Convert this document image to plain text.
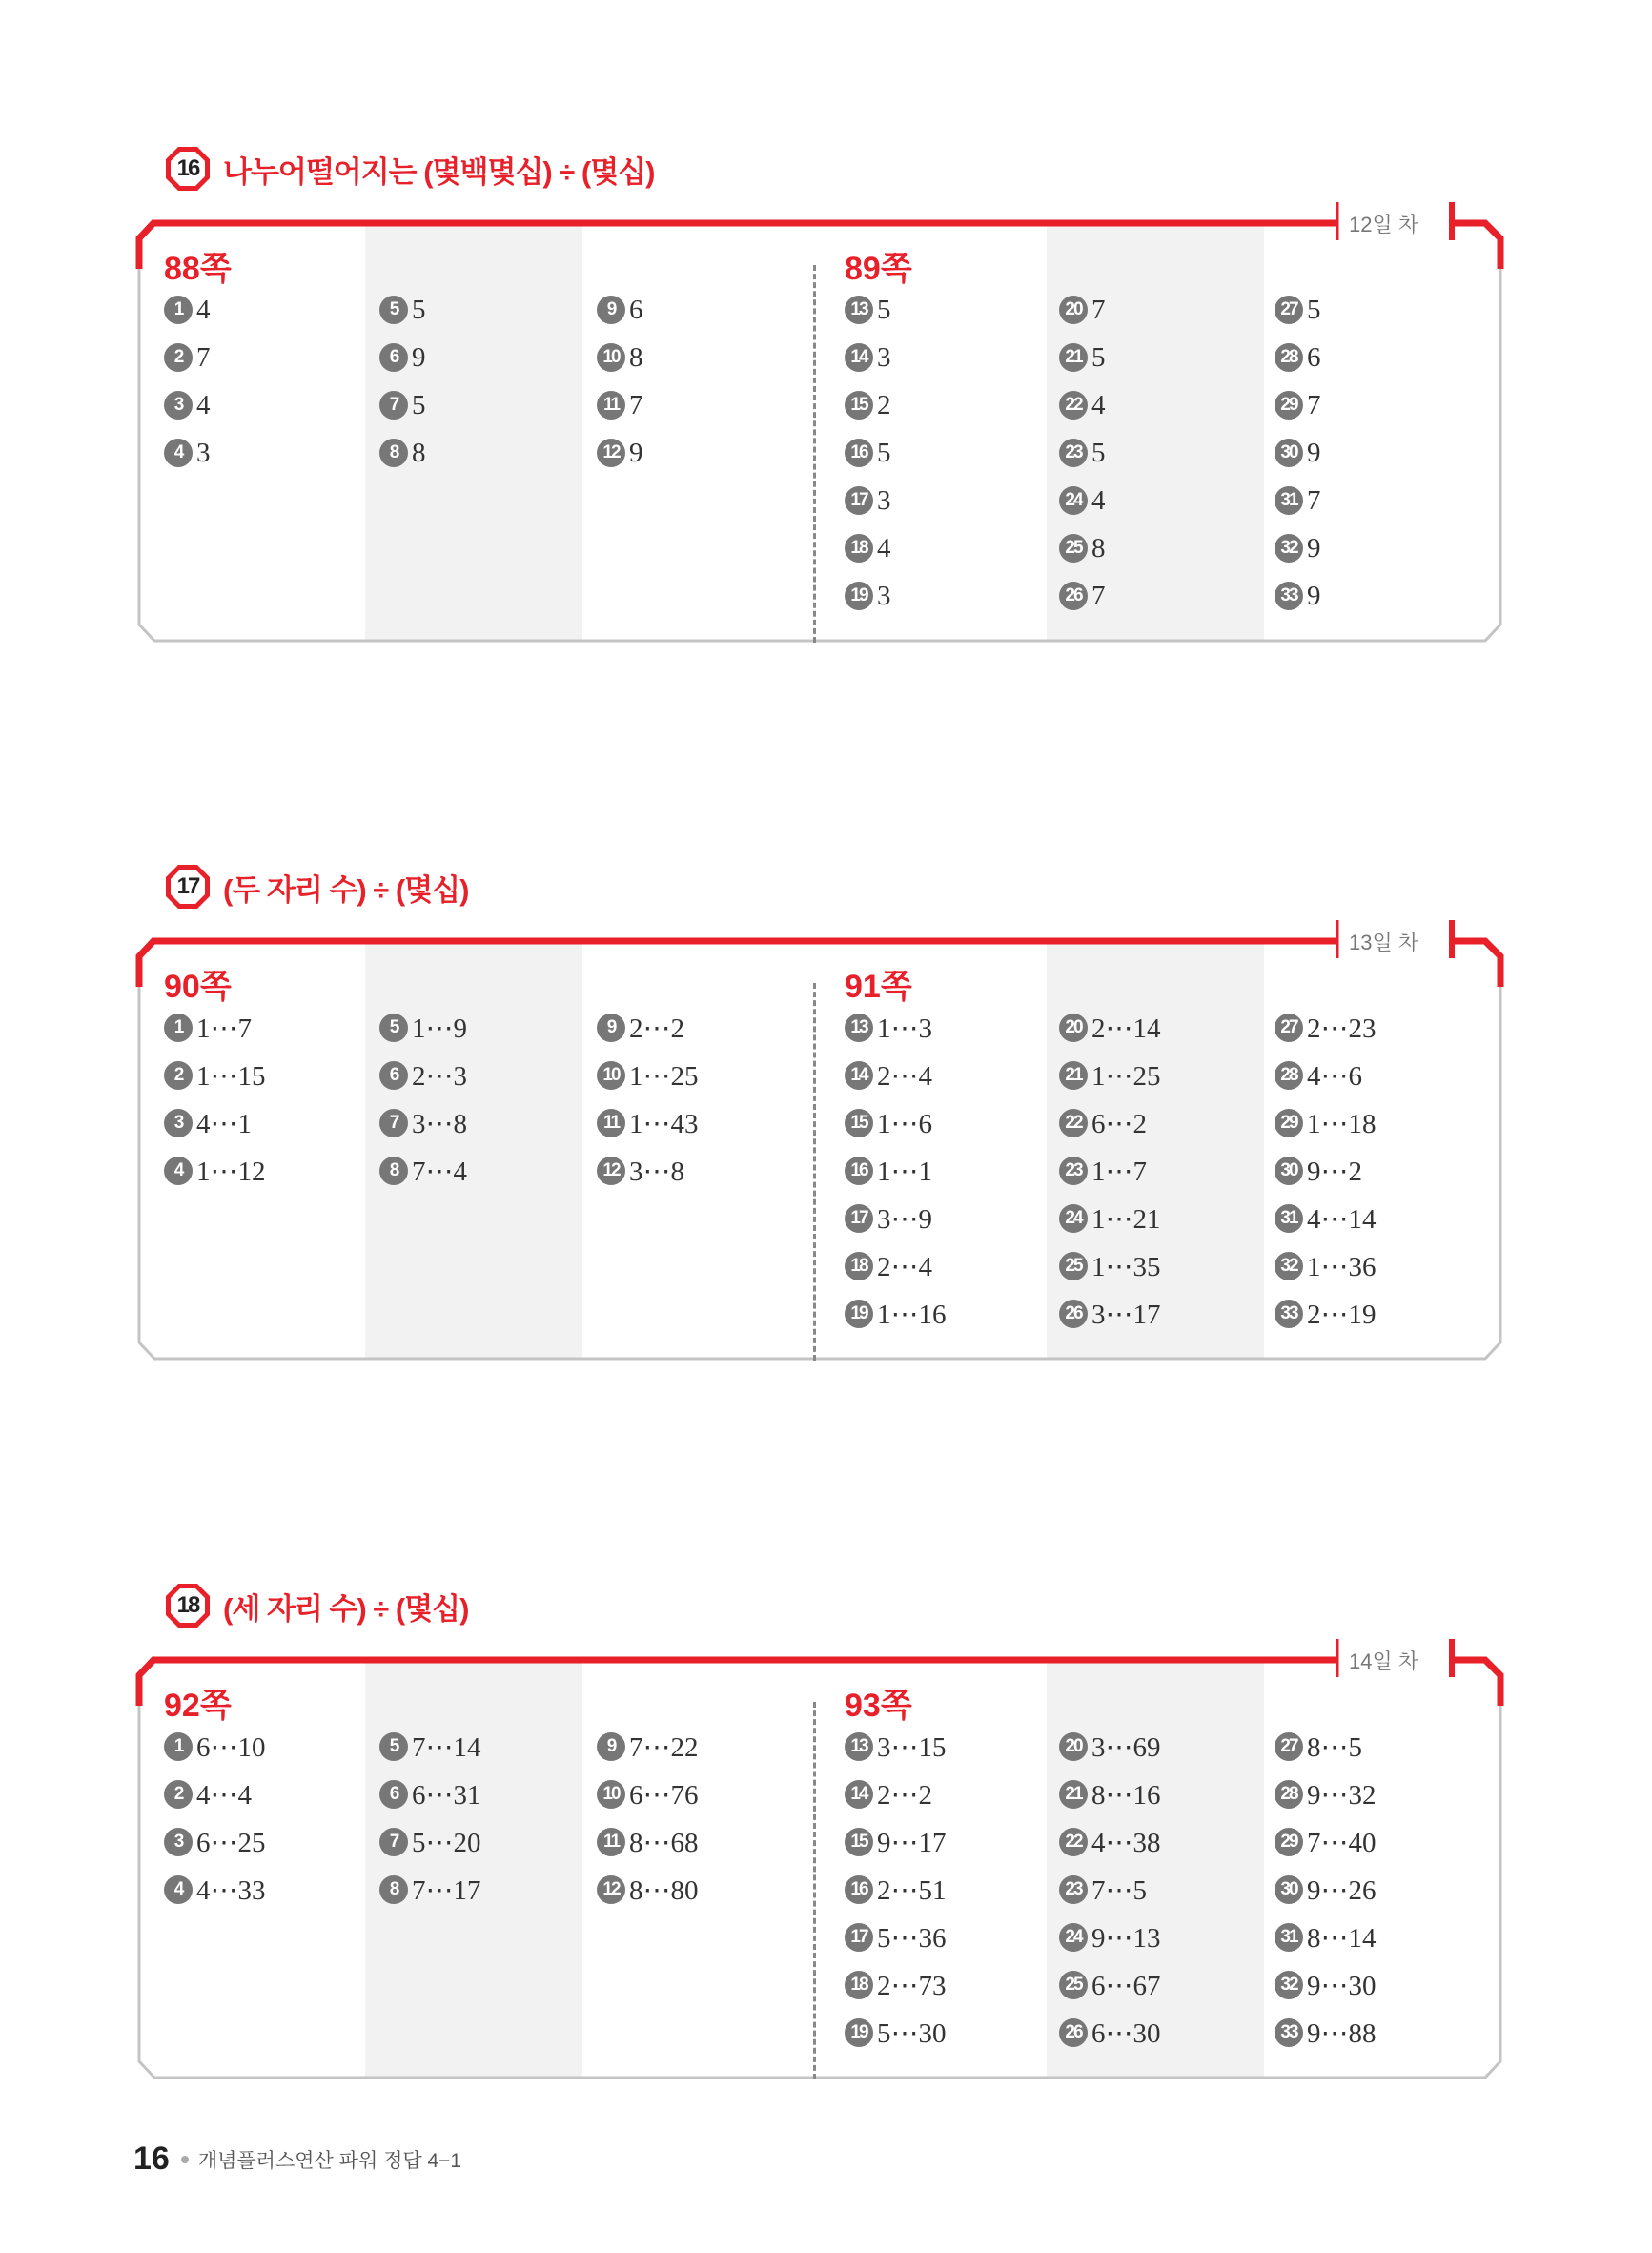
16 나누어떨어지는 (몇백몇십) ÷ (몇십)
12일 차
88쪽
1 4
2 7
3 4
4 3
5 5
6 9
7 5
8 8
9 6
10 8
11 7
12 9
89쪽
13 5
14 3
15 2
16 5
17 3
18 4
19 3
20 7
21 5
22 4
23 5
24 4
25 8
26 7
27 5
28 6
29 7
30 9
31 7
32 9
33 9
17 (두 자리 수) ÷ (몇십)
13일 차
90쪽
1 1⋯7
2 1⋯15
3 4⋯1
4 1⋯12
5 1⋯9
6 2⋯3
7 3⋯8
8 7⋯4
9 2⋯2
10 1⋯25
11 1⋯43
12 3⋯8
91쪽
13 1⋯3
14 2⋯4
15 1⋯6
16 1⋯1
17 3⋯9
18 2⋯4
19 1⋯16
20 2⋯14
21 1⋯25
22 6⋯2
23 1⋯7
24 1⋯21
25 1⋯35
26 3⋯17
27 2⋯23
28 4⋯6
29 1⋯18
30 9⋯2
31 4⋯14
32 1⋯36
33 2⋯19
18 (세 자리 수) ÷ (몇십)
14일 차
92쪽
1 6⋯10
2 4⋯4
3 6⋯25
4 4⋯33
5 7⋯14
6 6⋯31
7 5⋯20
8 7⋯17
9 7⋯22
10 6⋯76
11 8⋯68
12 8⋯80
93쪽
13 3⋯15
14 2⋯2
15 9⋯17
16 2⋯51
17 5⋯36
18 2⋯73
19 5⋯30
20 3⋯69
21 8⋯16
22 4⋯38
23 7⋯5
24 9⋯13
25 6⋯67
26 6⋯30
27 8⋯5
28 9⋯32
29 7⋯40
30 9⋯26
31 8⋯14
32 9⋯30
33 9⋯88
16 개념플러스연산 파워 정답 4−1
